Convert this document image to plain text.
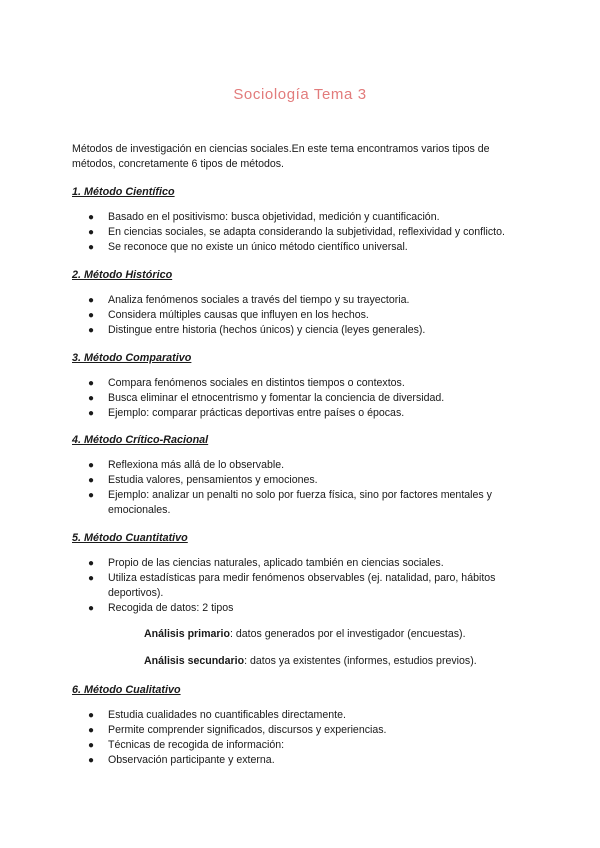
Sociología Tema 3
Métodos de investigación en ciencias sociales.En este tema encontramos varios tipos de métodos, concretamente 6 tipos de métodos.
1. Método Científico
● Basado en el positivismo: busca objetividad, medición y cuantificación.
● En ciencias sociales, se adapta considerando la subjetividad, reflexividad y conflicto.
● Se reconoce que no existe un único método científico universal.
2. Método Histórico
● Analiza fenómenos sociales a través del tiempo y su trayectoria.
● Considera múltiples causas que influyen en los hechos.
● Distingue entre historia (hechos únicos) y ciencia (leyes generales).
3. Método Comparativo
● Compara fenómenos sociales en distintos tiempos o contextos.
● Busca eliminar el etnocentrismo y fomentar la conciencia de diversidad.
● Ejemplo: comparar prácticas deportivas entre países o épocas.
4. Método Crítico-Racional
● Reflexiona más allá de lo observable.
● Estudia valores, pensamientos y emociones.
● Ejemplo: analizar un penalti no solo por fuerza física, sino por factores mentales y emocionales.
5. Método Cuantitativo
● Propio de las ciencias naturales, aplicado también en ciencias sociales.
● Utiliza estadísticas para medir fenómenos observables (ej. natalidad, paro, hábitos deportivos).
● Recogida de datos: 2 tipos
Análisis primario: datos generados por el investigador (encuestas).
Análisis secundario: datos ya existentes (informes, estudios previos).
6. Método Cualitativo
● Estudia cualidades no cuantificables directamente.
● Permite comprender significados, discursos y experiencias.
● Técnicas de recogida de información:
● Observación participante y externa.
